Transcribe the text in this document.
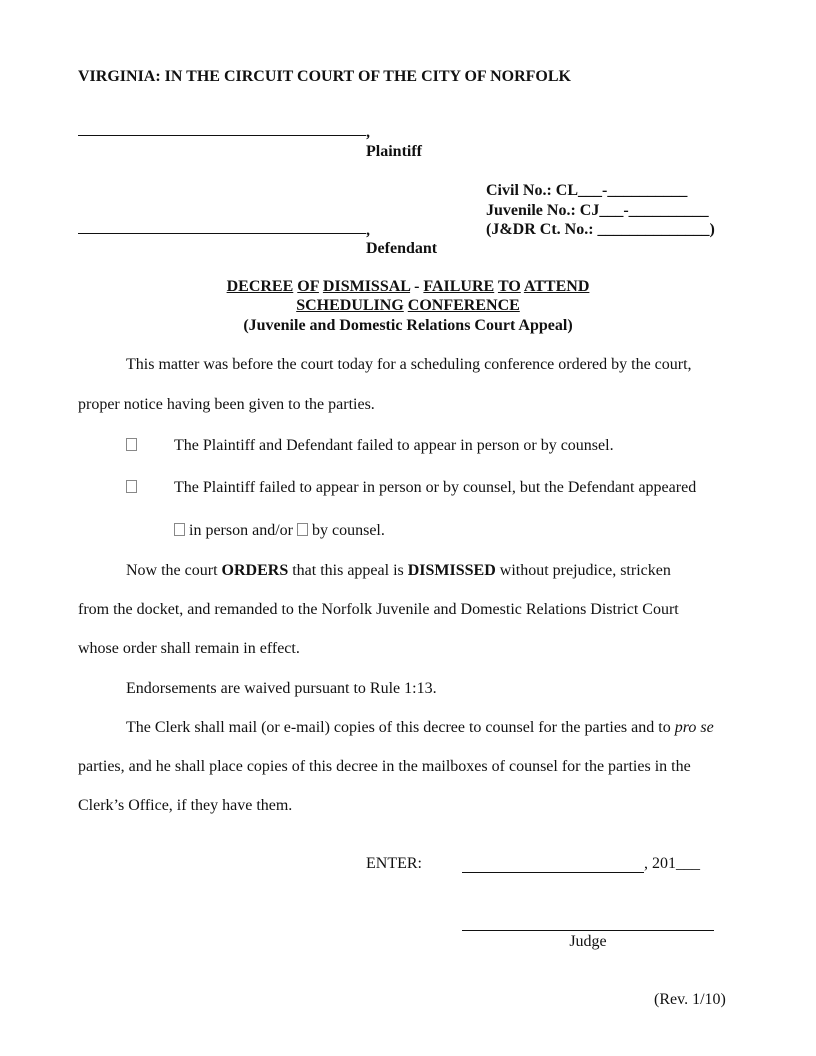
VIRGINIA: IN THE CIRCUIT COURT OF THE CITY OF NORFOLK
,
Plaintiff
Civil No.: CL___-__________
Juvenile No.: CJ___-__________
(J&DR Ct. No.: ______________)
,
Defendant
DECREE OF DISMISSAL - FAILURE TO ATTEND
SCHEDULING CONFERENCE
(Juvenile and Domestic Relations Court Appeal)
This matter was before the court today for a scheduling conference ordered by the court,
proper notice having been given to the parties.
The Plaintiff and Defendant failed to appear in person or by counsel.
The Plaintiff failed to appear in person or by counsel, but the Defendant appeared
in person and/or by counsel.
Now the court ORDERS that this appeal is DISMISSED without prejudice, stricken
from the docket, and remanded to the Norfolk Juvenile and Domestic Relations District Court
whose order shall remain in effect.
Endorsements are waived pursuant to Rule 1:13.
The Clerk shall mail (or e-mail) copies of this decree to counsel for the parties and to pro se
parties, and he shall place copies of this decree in the mailboxes of counsel for the parties in the
Clerk’s Office, if they have them.
ENTER:	, 201___
Judge
(Rev. 1/10)
